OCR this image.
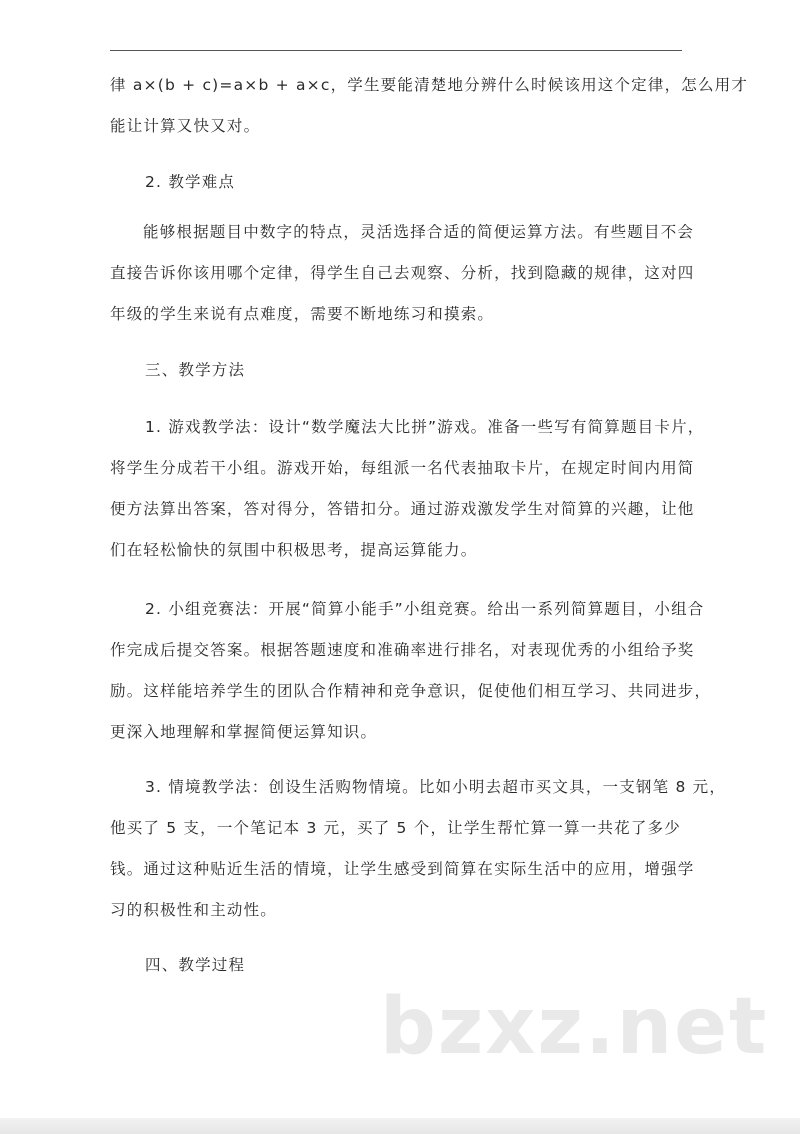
律 a×(b + c)=a×b + a×c，学生要能清楚地分辨什么时候该用这个定律，怎么用才
能让计算又快又对。
2. 教学难点
能够根据题目中数字的特点，灵活选择合适的简便运算方法。有些题目不会
直接告诉你该用哪个定律，得学生自己去观察、分析，找到隐藏的规律，这对四
年级的学生来说有点难度，需要不断地练习和摸索。
三、教学方法
1. 游戏教学法：设计“数学魔法大比拼”游戏。准备一些写有简算题目卡片，
将学生分成若干小组。游戏开始，每组派一名代表抽取卡片，在规定时间内用简
便方法算出答案，答对得分，答错扣分。通过游戏激发学生对简算的兴趣，让他
们在轻松愉快的氛围中积极思考，提高运算能力。
2. 小组竞赛法：开展“简算小能手”小组竞赛。给出一系列简算题目，小组合
作完成后提交答案。根据答题速度和准确率进行排名，对表现优秀的小组给予奖
励。这样能培养学生的团队合作精神和竞争意识，促使他们相互学习、共同进步，
更深入地理解和掌握简便运算知识。
3. 情境教学法：创设生活购物情境。比如小明去超市买文具，一支钢笔 8 元，
他买了 5 支，一个笔记本 3 元，买了 5 个，让学生帮忙算一算一共花了多少
钱。通过这种贴近生活的情境，让学生感受到简算在实际生活中的应用，增强学
习的积极性和主动性。
四、教学过程
bzxz.net
